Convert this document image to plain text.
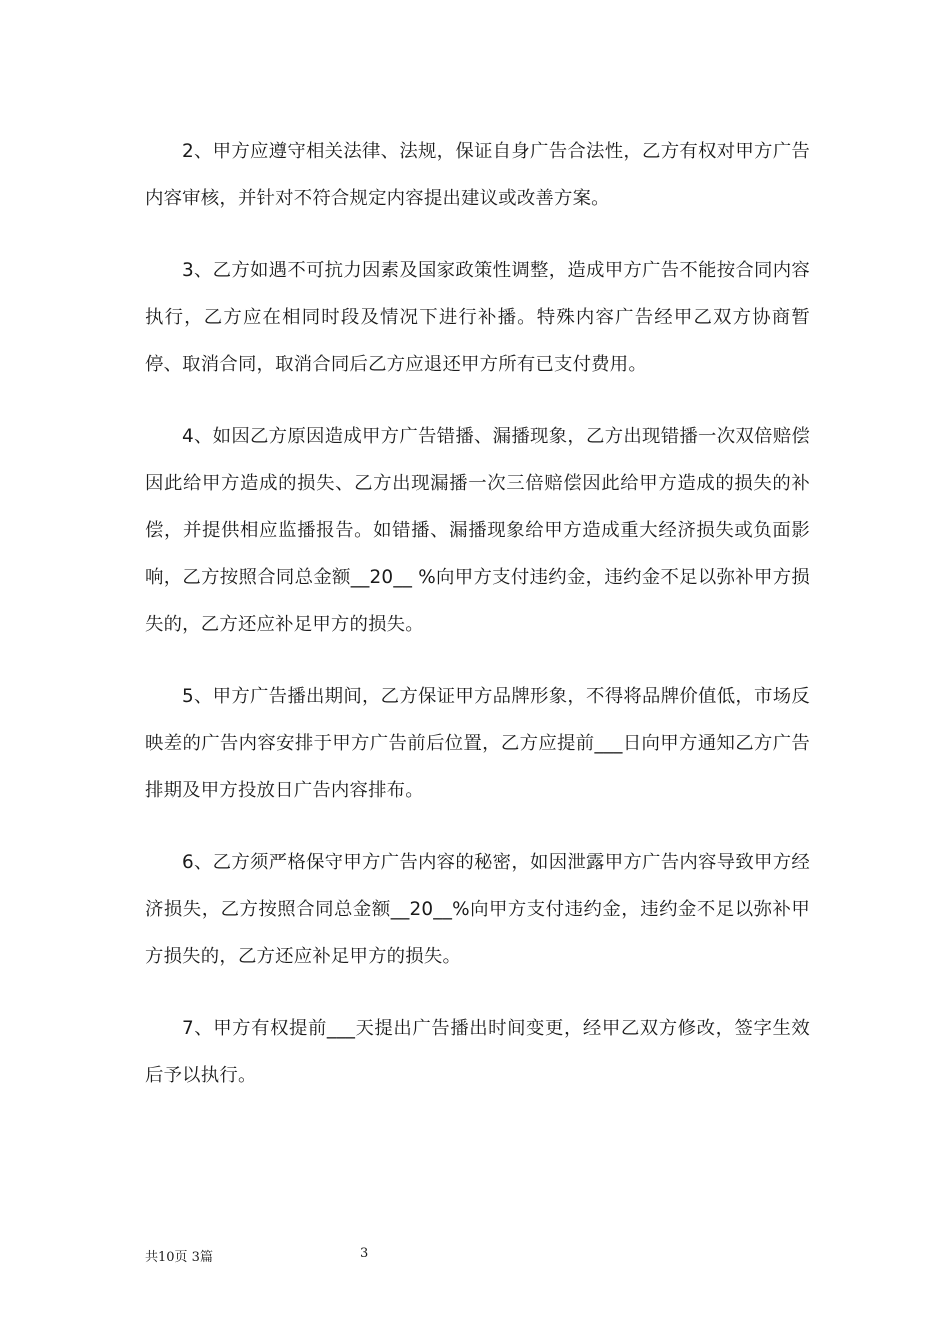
2、甲方应遵守相关法律、法规，保证自身广告合法性，乙方有权对甲方广告内容审核，并针对不符合规定内容提出建议或改善方案。

3、乙方如遇不可抗力因素及国家政策性调整，造成甲方广告不能按合同内容执行，乙方应在相同时段及情况下进行补播。特殊内容广告经甲乙双方协商暂停、取消合同，取消合同后乙方应退还甲方所有已支付费用。

4、如因乙方原因造成甲方广告错播、漏播现象，乙方出现错播一次双倍赔偿因此给甲方造成的损失、乙方出现漏播一次三倍赔偿因此给甲方造成的损失的补偿，并提供相应监播报告。如错播、漏播现象给甲方造成重大经济损失或负面影响，乙方按照合同总金额__20__ %向甲方支付违约金，违约金不足以弥补甲方损失的，乙方还应补足甲方的损失。

5、甲方广告播出期间，乙方保证甲方品牌形象，不得将品牌价值低，市场反映差的广告内容安排于甲方广告前后位置，乙方应提前___日向甲方通知乙方广告排期及甲方投放日广告内容排布。

6、乙方须严格保守甲方广告内容的秘密，如因泄露甲方广告内容导致甲方经济损失，乙方按照合同总金额__20__%向甲方支付违约金，违约金不足以弥补甲方损失的，乙方还应补足甲方的损失。

7、甲方有权提前___天提出广告播出时间变更，经甲乙双方修改，签字生效后予以执行。

共10页 3篇	3
